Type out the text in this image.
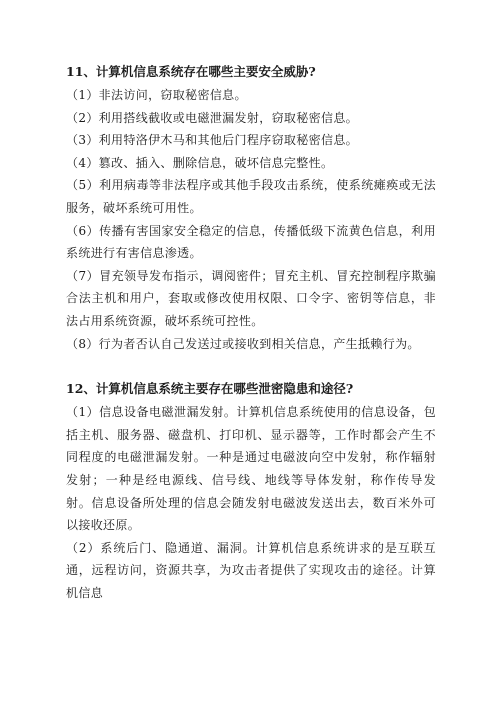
11、计算机信息系统存在哪些主要安全威胁?

（1）非法访问，窃取秘密信息。

（2）利用搭线截收或电磁泄漏发射，窃取秘密信息。

（3）利用特洛伊木马和其他后门程序窃取秘密信息。

（4）篡改、插入、删除信息，破坏信息完整性。

（5）利用病毒等非法程序或其他手段攻击系统，使系统瘫痪或无法服务，破坏系统可用性。

（6）传播有害国家安全稳定的信息，传播低级下流黄色信息，利用系统进行有害信息渗透。

（7）冒充领导发布指示，调阅密件；冒充主机、冒充控制程序欺骗合法主机和用户，套取或修改使用权限、口令字、密钥等信息，非法占用系统资源，破坏系统可控性。

（8）行为者否认自己发送过或接收到相关信息，产生抵赖行为。

12、计算机信息系统主要存在哪些泄密隐患和途径?

（1）信息设备电磁泄漏发射。计算机信息系统使用的信息设备，包括主机、服务器、磁盘机、打印机、显示器等，工作时都会产生不同程度的电磁泄漏发射。一种是通过电磁波向空中发射，称作辐射发射；一种是经电源线、信号线、地线等导体发射，称作传导发射。信息设备所处理的信息会随发射电磁波发送出去，数百米外可以接收还原。

（2）系统后门、隐通道、漏洞。计算机信息系统讲求的是互联互通，远程访问，资源共享，为攻击者提供了实现攻击的途径。计算机信息
